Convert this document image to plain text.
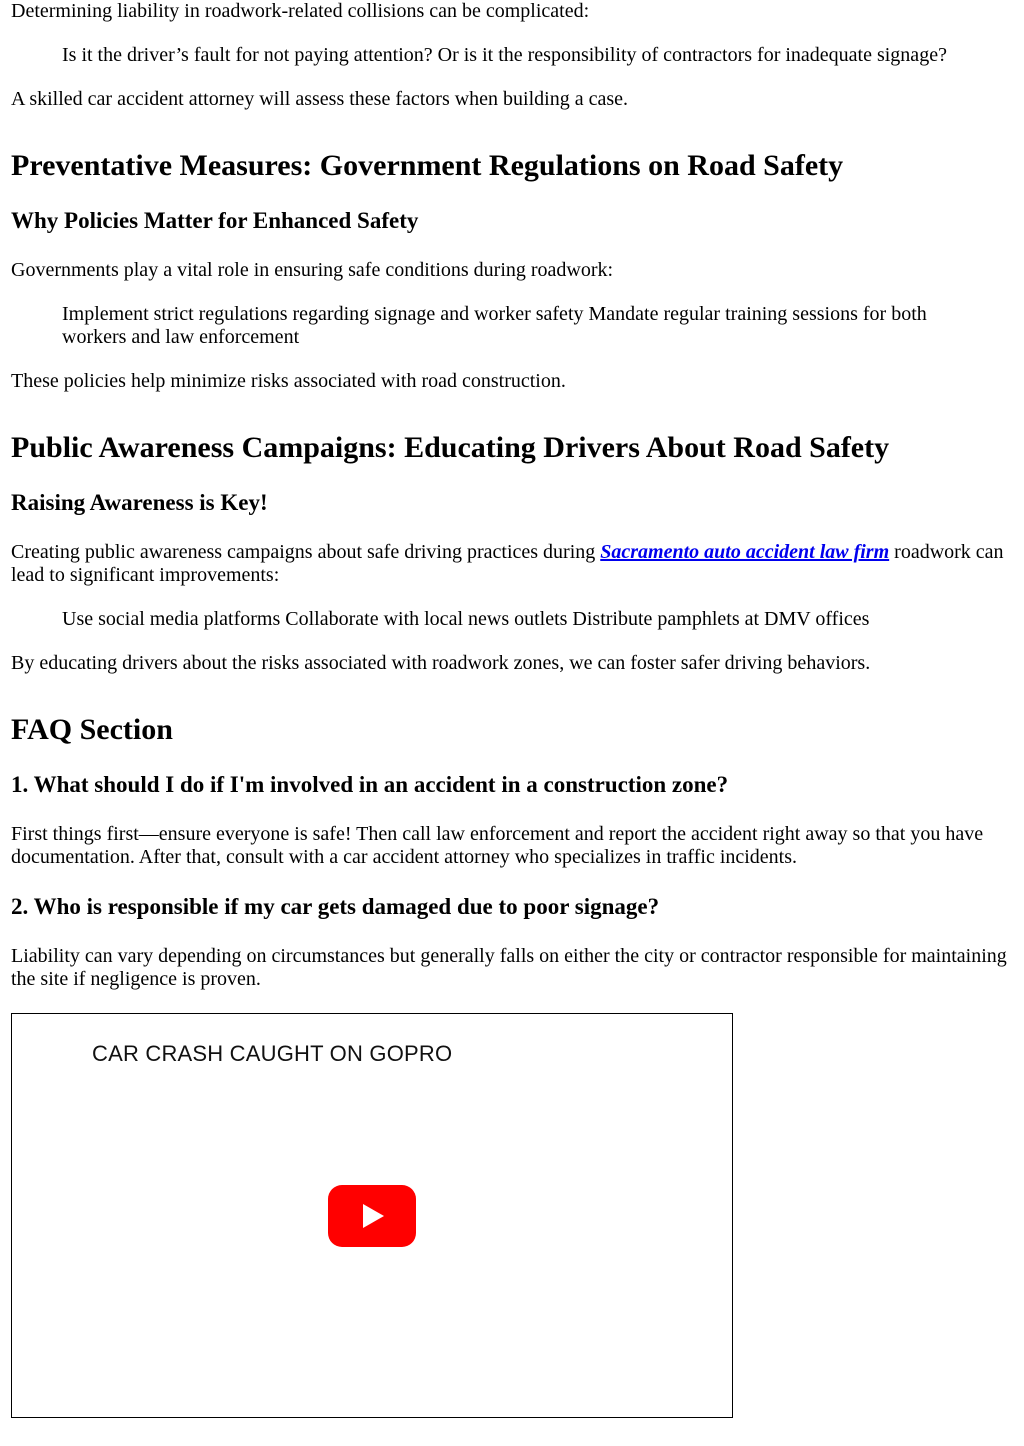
Determining liability in roadwork-related collisions can be complicated:

Is it the driver’s fault for not paying attention? Or is it the responsibility of contractors for inadequate signage?

A skilled car accident attorney will assess these factors when building a case.

Preventative Measures: Government Regulations on Road Safety
Why Policies Matter for Enhanced Safety

Governments play a vital role in ensuring safe conditions during roadwork:

Implement strict regulations regarding signage and worker safety Mandate regular training sessions for both workers and law enforcement

These policies help minimize risks associated with road construction.

Public Awareness Campaigns: Educating Drivers About Road Safety
Raising Awareness is Key!

Creating public awareness campaigns about safe driving practices during Sacramento auto accident law firm roadwork can lead to significant improvements:

Use social media platforms Collaborate with local news outlets Distribute pamphlets at DMV offices

By educating drivers about the risks associated with roadwork zones, we can foster safer driving behaviors.

FAQ Section
1. What should I do if I'm involved in an accident in a construction zone?

First things first—ensure everyone is safe! Then call law enforcement and report the accident right away so that you have documentation. After that, consult with a car accident attorney who specializes in traffic incidents.

2. Who is responsible if my car gets damaged due to poor signage?

Liability can vary depending on circumstances but generally falls on either the city or contractor responsible for maintaining the site if negligence is proven.

CAR CRASH CAUGHT ON GOPRO
